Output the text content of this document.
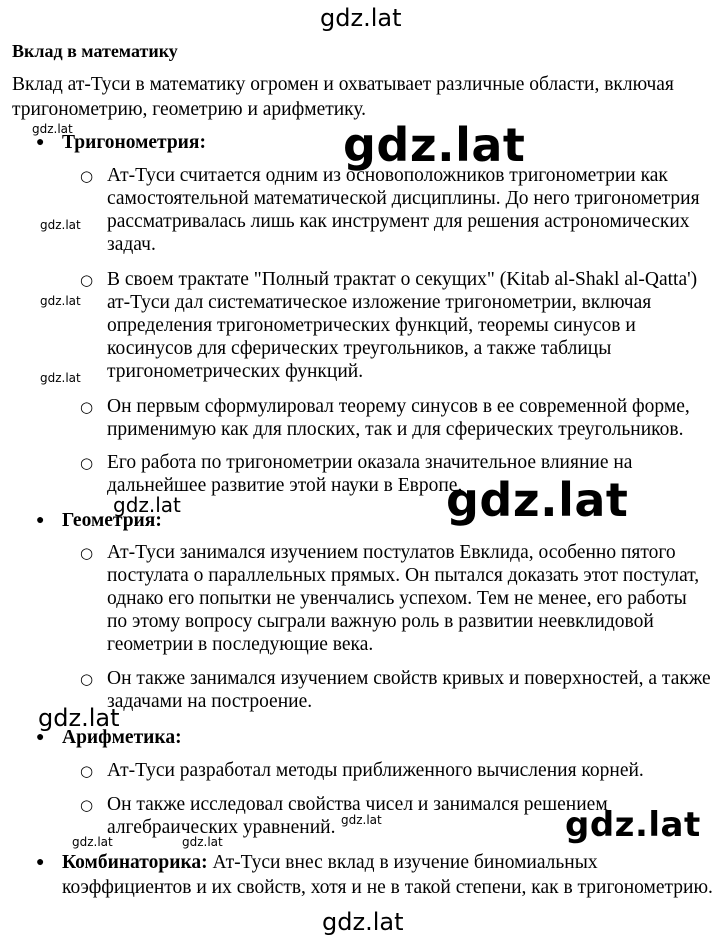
gdz.lat
gdz.lat
gdz.lat
gdz.lat
gdz.lat
gdz.lat
gdz.lat	gdz.lat
gdz.lat
gdz.lat
gdz.lat	gdz.lat	gdz.lat
gdz.lat
Вклад в математику

Вклад ат-Туси в математику огромен и охватывает различные области, включая тригонометрию, геометрию и арифметику.

● Тригонометрия:
○ Ат-Туси считается одним из основоположников тригонометрии как самостоятельной математической дисциплины. До него тригонометрия рассматривалась лишь как инструмент для решения астрономических задач.
○ В своем трактате "Полный трактат о секущих" (Kitab al-Shakl al-Qatta') ат-Туси дал систематическое изложение тригонометрии, включая определения тригонометрических функций, теоремы синусов и косинусов для сферических треугольников, а также таблицы тригонометрических функций.
○ Он первым сформулировал теорему синусов в ее современной форме, применимую как для плоских, так и для сферических треугольников.
○ Его работа по тригонометрии оказала значительное влияние на дальнейшее развитие этой науки в Европе.
● Геометрия:
○ Ат-Туси занимался изучением постулатов Евклида, особенно пятого постулата о параллельных прямых. Он пытался доказать этот постулат, однако его попытки не увенчались успехом. Тем не менее, его работы по этому вопросу сыграли важную роль в развитии неевклидовой геометрии в последующие века.
○ Он также занимался изучением свойств кривых и поверхностей, а также задачами на построение.
● Арифметика:
○ Ат-Туси разработал методы приближенного вычисления корней.
○ Он также исследовал свойства чисел и занимался решением алгебраических уравнений.
● Комбинаторика: Ат-Туси внес вклад в изучение биномиальных коэффициентов и их свойств, хотя и не в такой степени, как в тригонометрию.
